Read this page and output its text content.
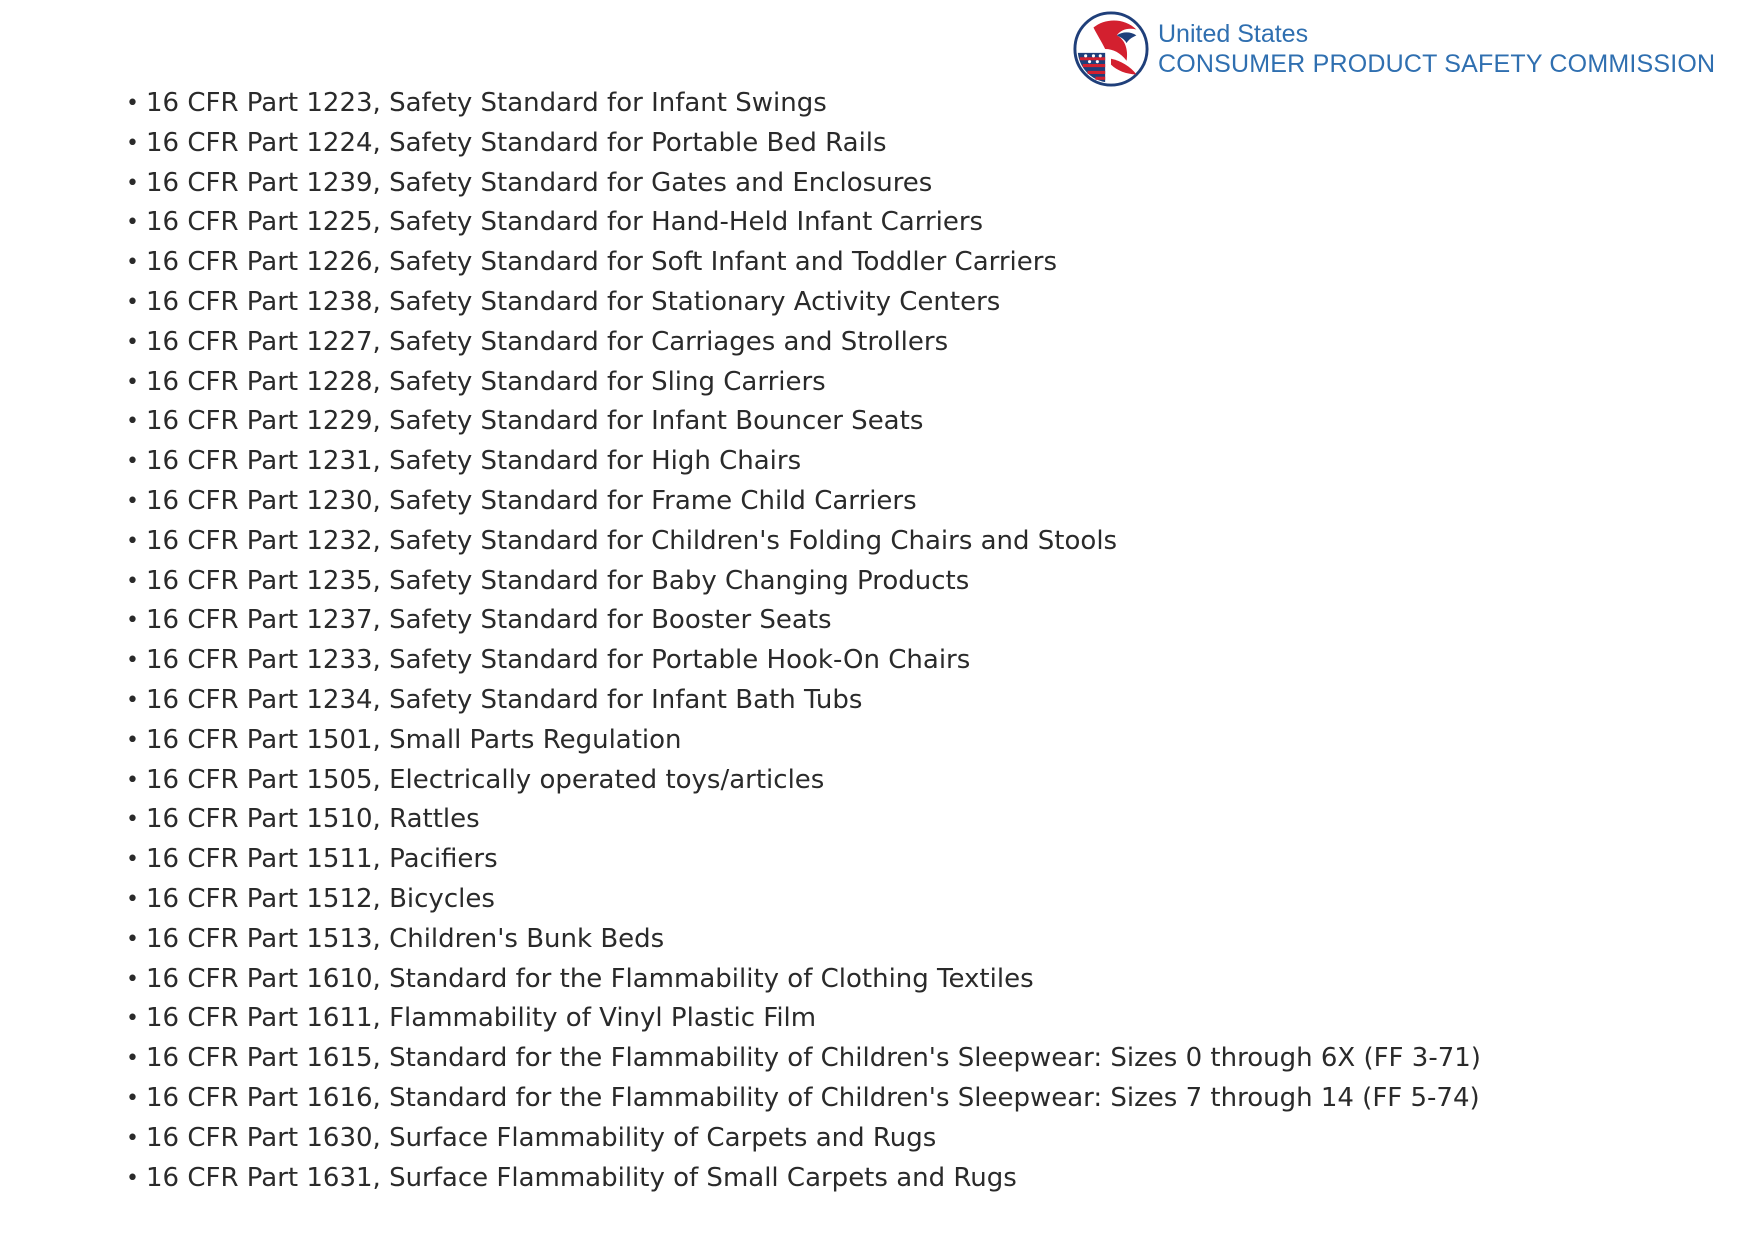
United States
CONSUMER PRODUCT SAFETY COMMISSION
• 16 CFR Part 1223, Safety Standard for Infant Swings
• 16 CFR Part 1224, Safety Standard for Portable Bed Rails
• 16 CFR Part 1239, Safety Standard for Gates and Enclosures
• 16 CFR Part 1225, Safety Standard for Hand-Held Infant Carriers
• 16 CFR Part 1226, Safety Standard for Soft Infant and Toddler Carriers
• 16 CFR Part 1238, Safety Standard for Stationary Activity Centers
• 16 CFR Part 1227, Safety Standard for Carriages and Strollers
• 16 CFR Part 1228, Safety Standard for Sling Carriers
• 16 CFR Part 1229, Safety Standard for Infant Bouncer Seats
• 16 CFR Part 1231, Safety Standard for High Chairs
• 16 CFR Part 1230, Safety Standard for Frame Child Carriers
• 16 CFR Part 1232, Safety Standard for Children's Folding Chairs and Stools
• 16 CFR Part 1235, Safety Standard for Baby Changing Products
• 16 CFR Part 1237, Safety Standard for Booster Seats
• 16 CFR Part 1233, Safety Standard for Portable Hook-On Chairs
• 16 CFR Part 1234, Safety Standard for Infant Bath Tubs
• 16 CFR Part 1501, Small Parts Regulation
• 16 CFR Part 1505, Electrically operated toys/articles
• 16 CFR Part 1510, Rattles
• 16 CFR Part 1511, Pacifiers
• 16 CFR Part 1512, Bicycles
• 16 CFR Part 1513, Children's Bunk Beds
• 16 CFR Part 1610, Standard for the Flammability of Clothing Textiles
• 16 CFR Part 1611, Flammability of Vinyl Plastic Film
• 16 CFR Part 1615, Standard for the Flammability of Children's Sleepwear: Sizes 0 through 6X (FF 3-71)
• 16 CFR Part 1616, Standard for the Flammability of Children's Sleepwear: Sizes 7 through 14 (FF 5-74)
• 16 CFR Part 1630, Surface Flammability of Carpets and Rugs
• 16 CFR Part 1631, Surface Flammability of Small Carpets and Rugs
